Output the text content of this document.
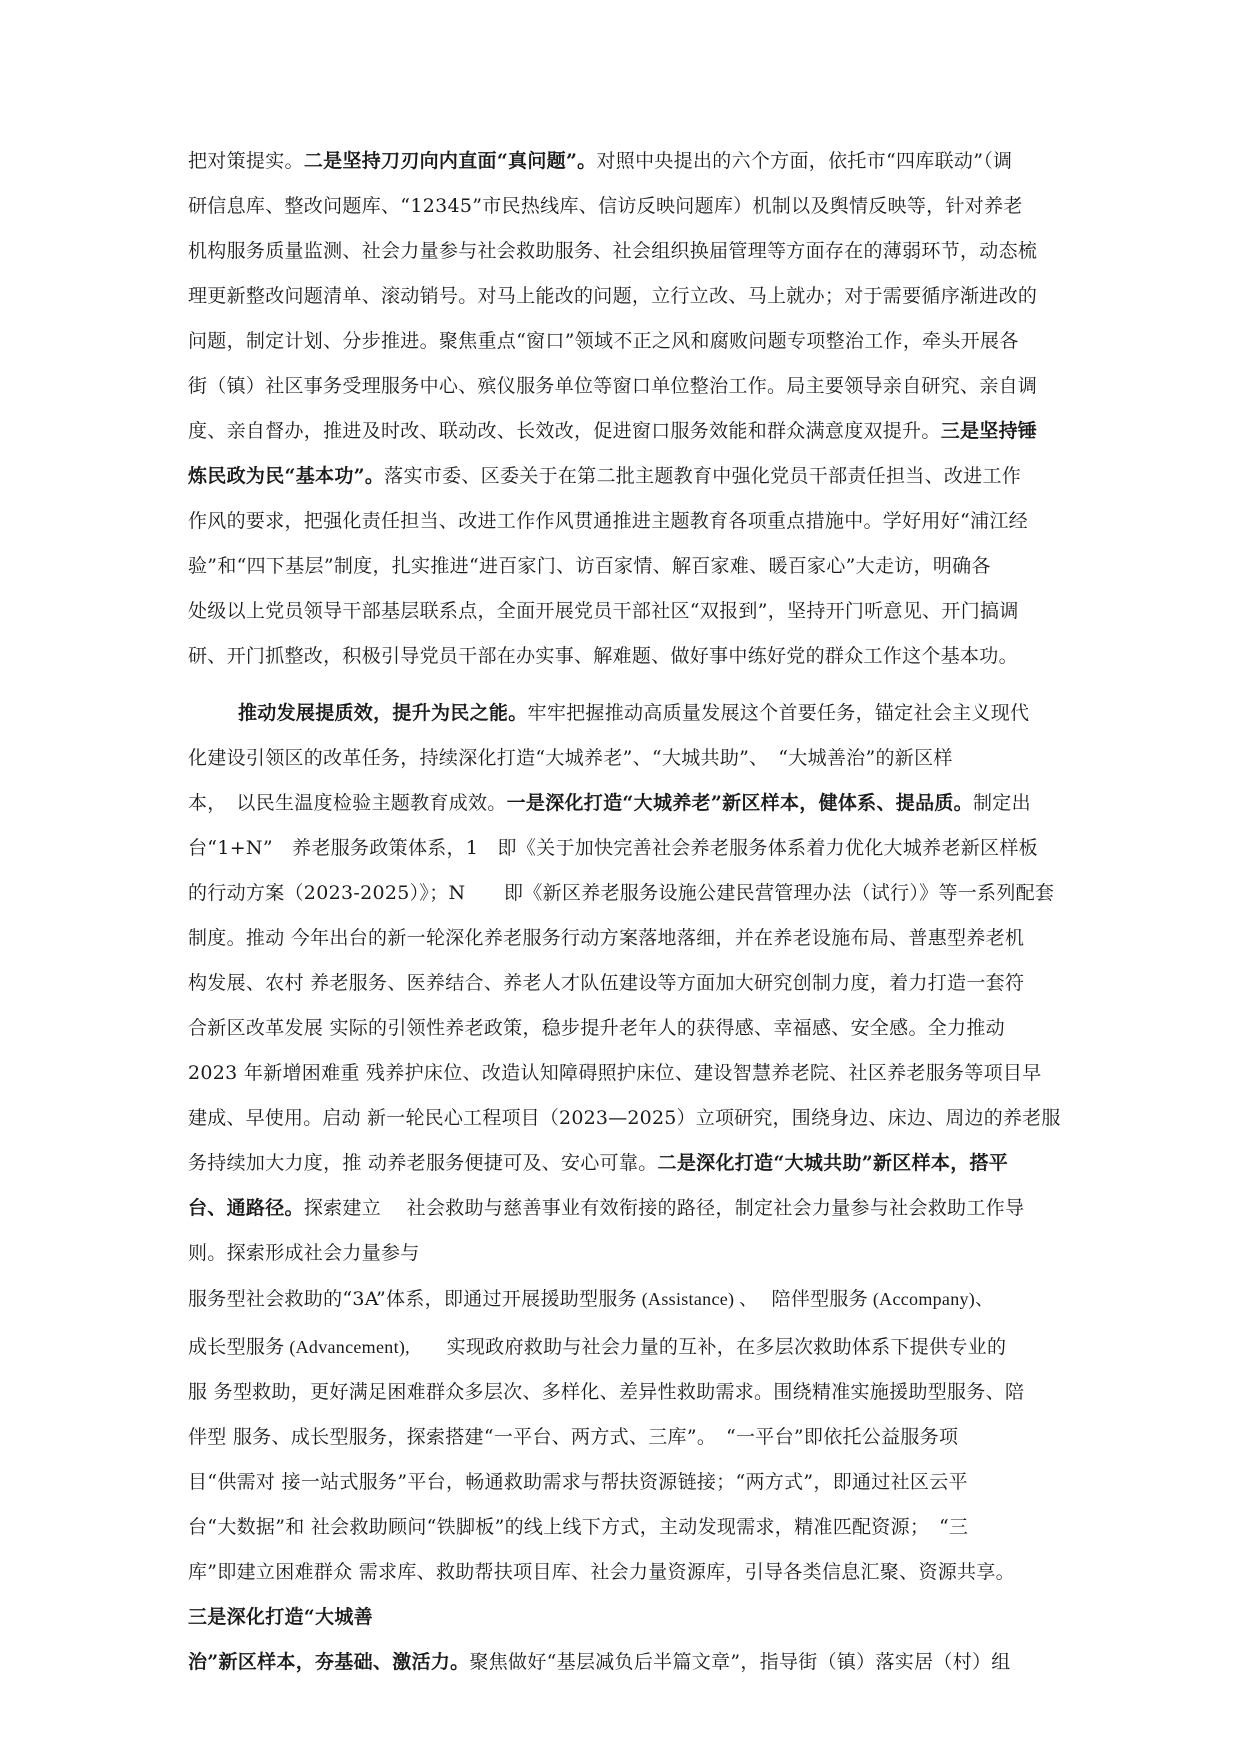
把对策提实。二是坚持刀刃向内直面“真问题”。对照中央提出的六个方面，依托市“四库联动”（调
研信息库、整改问题库、“12345”市民热线库、信访反映问题库）机制以及舆情反映等，针对养老
机构服务质量监测、社会力量参与社会救助服务、社会组织换届管理等方面存在的薄弱环节，动态梳
理更新整改问题清单、滚动销号。对马上能改的问题，立行立改、马上就办；对于需要循序渐进改的
问题，制定计划、分步推进。聚焦重点“窗口”领域不正之风和腐败问题专项整治工作，牵头开展各
街（镇）社区事务受理服务中心、殡仪服务单位等窗口单位整治工作。局主要领导亲自研究、亲自调
度、亲自督办，推进及时改、联动改、长效改，促进窗口服务效能和群众满意度双提升。三是坚持锤
炼民政为民“基本功”。落实市委、区委关于在第二批主题教育中强化党员干部责任担当、改进工作
作风的要求，把强化责任担当、改进工作作风贯通推进主题教育各项重点措施中。学好用好“浦江经
验”和“四下基层”制度，扎实推进“进百家门、访百家情、解百家难、暖百家心”大走访，明确各
处级以上党员领导干部基层联系点，全面开展党员干部社区“双报到”，坚持开门听意见、开门搞调
研、开门抓整改，积极引导党员干部在办实事、解难题、做好事中练好党的群众工作这个基本功。
推动发展提质效，提升为民之能。牢牢把握推动高质量发展这个首要任务，锚定社会主义现代
化建设引领区的改革任务，持续深化打造“大城养老”、“大城共助”、　“大城善治”的新区样
本，　以民生温度检验主题教育成效。一是深化打造“大城养老”新区样本，健体系、提品质。制定出
台“1+N”　养老服务政策体系，1　即《关于加快完善社会养老服务体系着力优化大城养老新区样板
的行动方案（2023-2025）》；N　　即《新区养老服务设施公建民营管理办法（试行）》等一系列配套
制度。推动 今年出台的新一轮深化养老服务行动方案落地落细，并在养老设施布局、普惠型养老机
构发展、农村 养老服务、医养结合、养老人才队伍建设等方面加大研究创制力度，着力打造一套符
合新区改革发展 实际的引领性养老政策，稳步提升老年人的获得感、幸福感、安全感。全力推动
2023 年新增困难重 残养护床位、改造认知障碍照护床位、建设智慧养老院、社区养老服务等项目早
建成、早使用。启动 新一轮民心工程项目（2023—2025）立项研究，围绕身边、床边、周边的养老服
务持续加大力度，推 动养老服务便捷可及、安心可靠。二是深化打造“大城共助”新区样本，搭平
台、通路径。探索建立　 社会救助与慈善事业有效衔接的路径，制定社会力量参与社会救助工作导
则。探索形成社会力量参与
服务型社会救助的“3A”体系，即通过开展援助型服务 (Assistance) 、　 陪伴型服务 (Accompany)、
成长型服务 (Advancement),　　实现政府救助与社会力量的互补，在多层次救助体系下提供专业的
服 务型救助，更好满足困难群众多层次、多样化、差异性救助需求。围绕精准实施援助型服务、陪
伴型 服务、成长型服务，探索搭建“一平台、两方式、三库”。　“一平台”即依托公益服务项
目“供需对 接一站式服务”平台，畅通救助需求与帮扶资源链接；“两方式”，即通过社区云平
台“大数据”和 社会救助顾问“铁脚板”的线上线下方式，主动发现需求，精准匹配资源；　“三
库”即建立困难群众 需求库、救助帮扶项目库、社会力量资源库，引导各类信息汇聚、资源共享。
三是深化打造“大城善
治”新区样本，夯基础、激活力。聚焦做好“基层减负后半篇文章”，指导街（镇）落实居（村）组
